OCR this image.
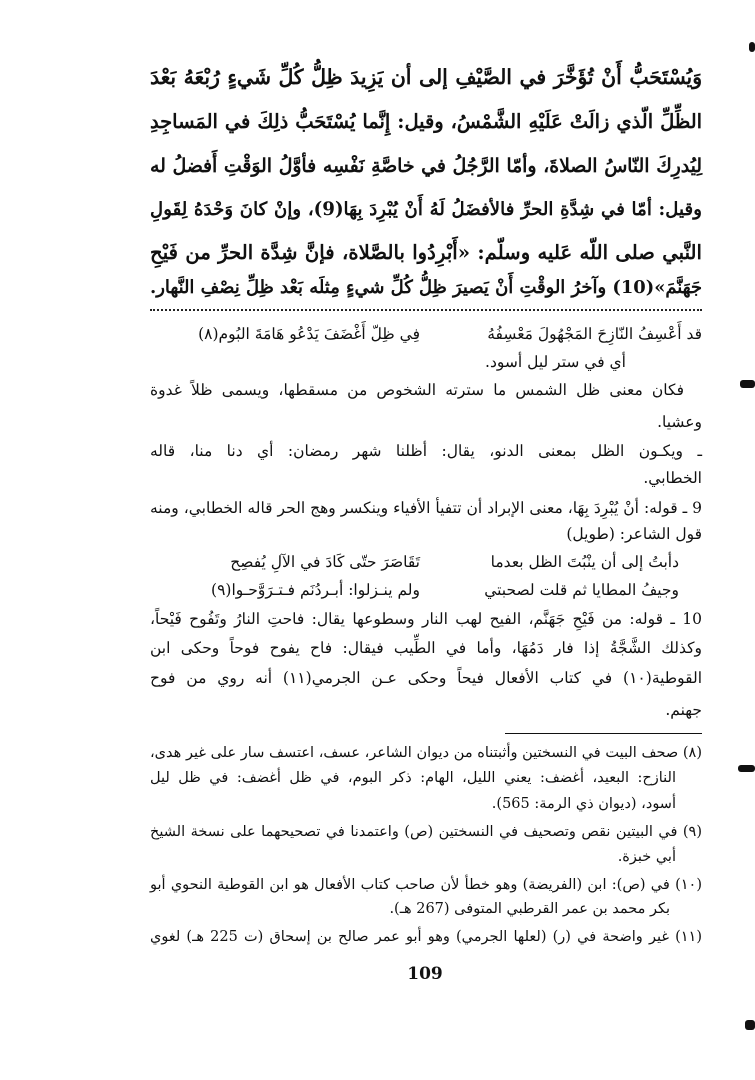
وَيُسْتَحَبُّ أَنْ تُؤَخَّرَ في الصَّيْفِ إلى أن يَزِيدَ ظِلُّ كُلِّ شَيءٍ رُبْعَهُ بَعْدَ
الظِّلِّ الّذي زالَتْ عَلَيْهِ الشَّمْسُ، وقيل: إِنَّما يُسْتَحَبُّ ذلِكَ في المَساجِدِ
لِيُدرِكَ النّاسُ الصلاةَ، وأمّا الرَّجُلُ في خاصَّةِ نَفْسِه فأوَّلُ الوَقْتِ أَفضلُ له
وقيل: أمّا في شِدَّةِ الحرِّ فالأفضَلُ لَهُ أَنْ يُبْرِدَ بِهَا(9)، وإنْ كانَ وَحْدَهُ لِقَولِ
النَّبي صلى اللّه عَليه وسلّم: «أَبْرِدُوا بالصَّلاة، فإنَّ شِدَّة الحرِّ من فَيْحِ
جَهَنَّمَ»(10) وآخرُ الوقْتِ أَنْ يَصيرَ ظِلُّ كُلِّ شيءٍ مِثلَه بَعْد ظِلِّ نِصْفِ النَّهار.
قد أَعْسِفُ النّازِحَ المَجْهُولَ مَعْسِفُهُ
فِي ظِلّ أَغْضَفَ يَدْعُو هَامَةَ البُوم(٨)
أي في ستر ليل أسود.
فكان معنى ظل الشمس ما سترته الشخوص من مسقطها، ويسمى ظلاً غدوة
وعشيا.
ـ ويكـون الظل بمعنى الدنو، يقال: أظلنا شهر رمضان: أي دنا منا، قاله
الخطابي.
9 ـ قوله: أنْ يُبْرِدَ بِهَا، معنى الإبراد أن تتفيأ الأفياء وينكسر وهج الحر قاله الخطابي، ومنه
قول الشاعر: (طويل)
دأبتُ إلى أن ينْبُتَ الظل بعدما
تَقَاصَرَ حتّى كَادَ في الآلِ يُفصِح
وجيفُ المطايا ثم قلت لصحبتي
ولم ينـزلوا: أبـردُنَم فـتـرَوَّحـوا(٩)
10 ـ قوله: من فَيْحِ جَهَنَّم، الفيح لهب النار وسطوعها يقال: فاحتِ النارُ وتَفُوح فَيْحاً،
وكذلك الشَّجَّةُ إذا فار دَمُهَا، وأما في الطِّيب فيقال: فاح يفوح فوحاً وحكى ابن
القوطية(١٠) في كتاب الأفعال فيحاً وحكى عـن الجرمي(١١) أنه روي من فوح
جهنم.
(٨) صحف البيت في النسختين وأثبتناه من ديوان الشاعر، عسف، اعتسف سار على غير هدى،
النازح: البعيد، أغضف: يعني الليل، الهام: ذكر البوم، في ظل أغضف: في ظل ليل
أسود، (ديوان ذي الرمة: 565).
(٩) في البيتين نقص وتصحيف في النسختين (ص) واعتمدنا في تصحيحهما على نسخة الشيخ
أبي خبزة.
(١٠) في (ص): ابن (الفريضة) وهو خطأ لأن صاحب كتاب الأفعال هو ابن القوطية النحوي أبو
بكر محمد بن عمر القرطبي المتوفى (267 هـ).
(١١) غير واضحة في (ر) (لعلها الجرمي) وهو أبو عمر صالح بن إسحاق (ت 225 هـ) لغوي
109
